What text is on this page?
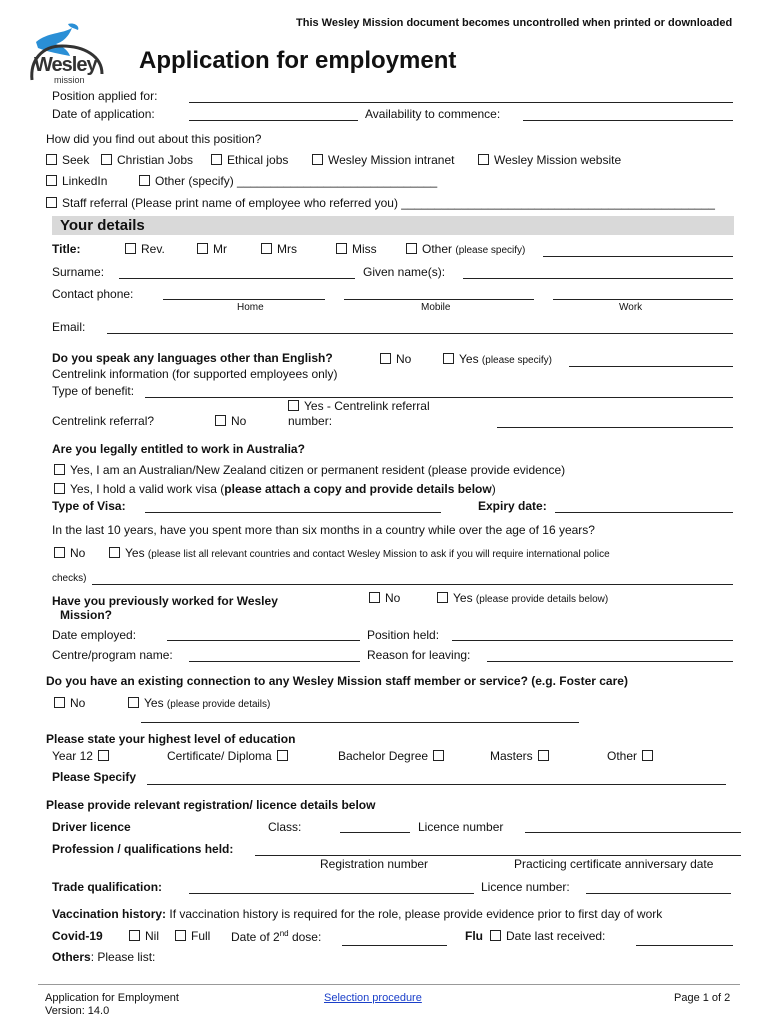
This Wesley Mission document becomes uncontrolled when printed or downloaded
Wesley
mission
Application for employment
Position applied for:
Date of application:	Availability to commence:
How did you find out about this position?
Seek	Christian Jobs	Ethical jobs	Wesley Mission intranet	Wesley Mission website
LinkedIn	Other (specify) ______________________________
Staff referral (Please print name of employee who referred you) _______________________________________________
Your details
Title:	Rev.	Mr	Mrs	Miss	Other (please specify)
Surname:	Given name(s):
Contact phone:
Home	Mobile	Work
Email:
Do you speak any languages other than English?	No	Yes (please specify)
Centrelink information (for supported employees only)
Type of benefit:
Yes - Centrelink referral
Centrelink referral?	No	number:
Are you legally entitled to work in Australia?
Yes, I am an Australian/New Zealand citizen or permanent resident (please provide evidence)
Yes, I hold a valid work visa (please attach a copy and provide details below)
Type of Visa:	Expiry date:
In the last 10 years, have you spent more than six months in a country while over the age of 16 years?
No	Yes (please list all relevant countries and contact Wesley Mission to ask if you will require international police
checks)
Have you previously worked for Wesley
Mission?
No	Yes (please provide details below)
Date employed:	Position held:
Centre/program name:	Reason for leaving:
Do you have an existing connection to any Wesley Mission staff member or service? (e.g. Foster care)
No	Yes (please provide details)
Please state your highest level of education
Year 12	Certificate/ Diploma	Bachelor Degree	Masters	Other
Please Specify
Please provide relevant registration/ licence details below
Driver licence	Class:	Licence number
Profession / qualifications held:
Registration number	Practicing certificate anniversary date
Trade qualification:	Licence number:
Vaccination history: If vaccination history is required for the role, please provide evidence prior to first day of work
Covid-19	Nil	Full Date of 2nd dose:	Flu	Date last received:
Others: Please list:
Application for Employment
Version: 14.0
Selection procedure	Page 1 of 2
